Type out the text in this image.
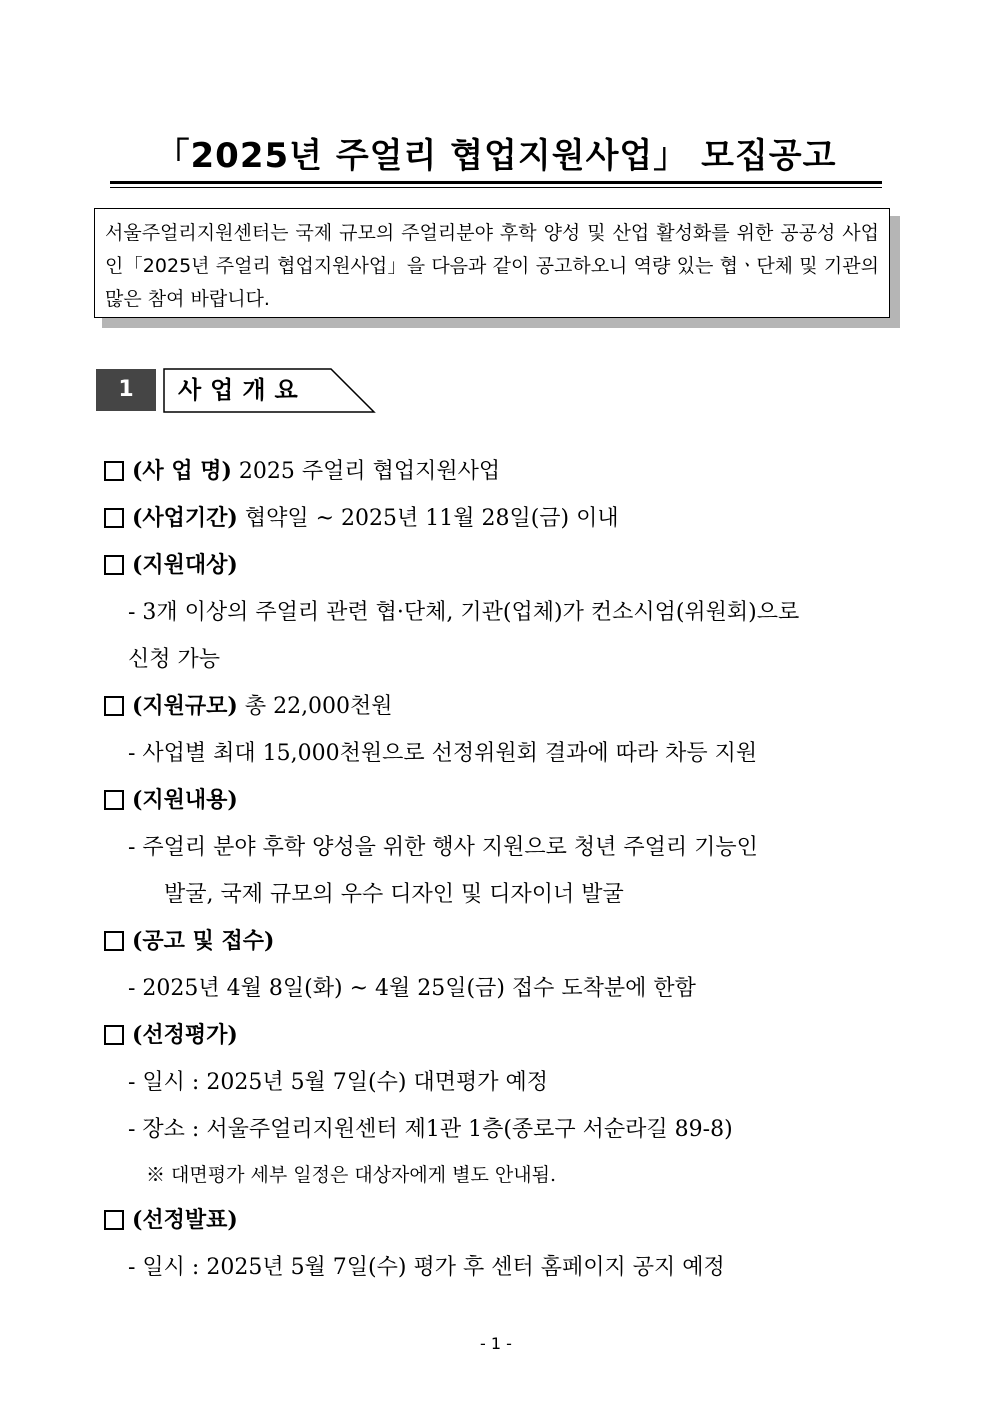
「2025년 주얼리 협업지원사업」 모집공고
서울주얼리지원센터는 국제 규모의 주얼리분야 후학 양성 및 산업 활성화를 위한 공공성 사업인「2025년 주얼리 협업지원사업」을 다음과 같이 공고하오니 역량 있는 협ㆍ단체 및 기관의 많은 참여 바랍니다.
1	사업개요
(사 업 명) 2025 주얼리 협업지원사업
(사업기간) 협약일 ~ 2025년 11월 28일(금) 이내
(지원대상)
- 3개 이상의 주얼리 관련 협·단체, 기관(업체)가 컨소시엄(위원회)으로
신청 가능
(지원규모) 총 22,000천원
- 사업별 최대 15,000천원으로 선정위원회 결과에 따라 차등 지원
(지원내용)
- 주얼리 분야 후학 양성을 위한 행사 지원으로 청년 주얼리 기능인
발굴, 국제 규모의 우수 디자인 및 디자이너 발굴
(공고 및 접수)
- 2025년 4월 8일(화) ~ 4월 25일(금) 접수 도착분에 한함
(선정평가)
- 일시 : 2025년 5월 7일(수) 대면평가 예정
- 장소 : 서울주얼리지원센터 제1관 1층(종로구 서순라길 89-8)
※ 대면평가 세부 일정은 대상자에게 별도 안내됨.
(선정발표)
- 일시 : 2025년 5월 7일(수) 평가 후 센터 홈페이지 공지 예정
- 1 -
